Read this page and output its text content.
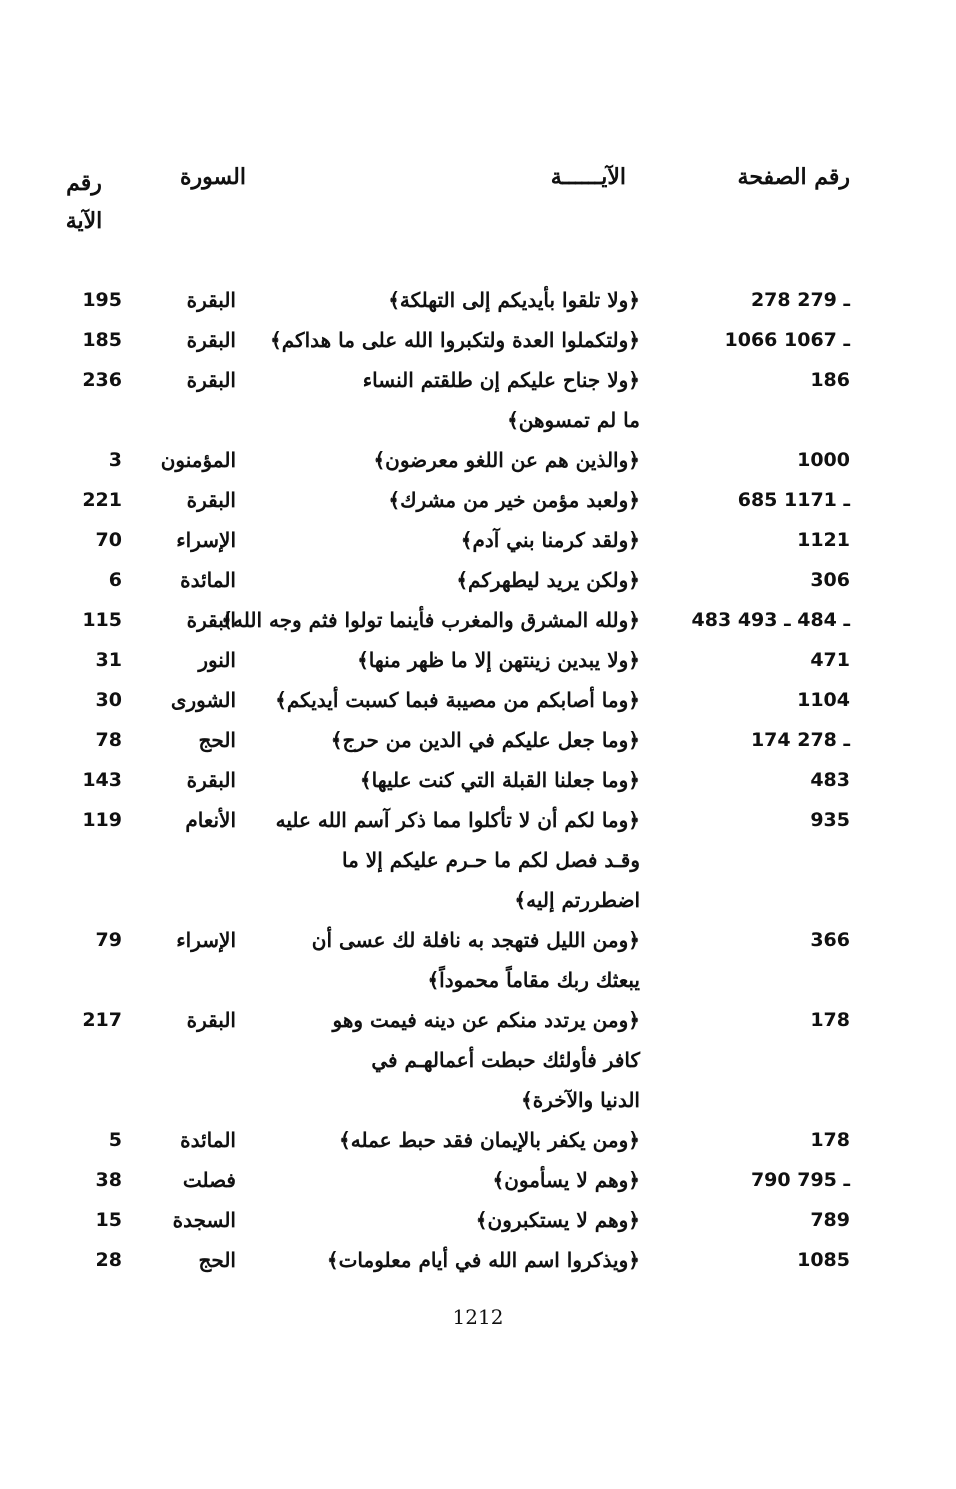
رقم الصفحة
الآيــــــة
السورة
رقم
الآية
278 ـ 279
﴿ولا تلقوا بأيديكم إلى التهلكة﴾
البقرة
195
1066 ـ 1067
﴿ولتكملوا العدة ولتكبروا الله على ما هداكم﴾
البقرة
185
186
﴿ولا جناح عليكم إن طلقتم النساء
ما لم تمسوهن﴾
البقرة
236
1000
﴿والذين هم عن اللغو معرضون﴾
المؤمنون
3
685 ـ 1171
﴿ولعبد مؤمن خير من مشرك﴾
البقرة
221
1121
﴿ولقد كرمنا بني آدم﴾
الإسراء
70
306
﴿ولكن يريد ليطهركم﴾
المائدة
6
483 ـ 484 ـ 493
﴿ولله المشرق والمغرب فأينما تولوا فثم وجه الله﴾
البقرة
115
471
﴿ولا يبدين زينتهن إلا ما ظهر منها﴾
النور
31
1104
﴿وما أصابكم من مصيبة فبما كسبت أيديكم﴾
الشورى
30
174 ـ 278
﴿وما جعل عليكم في الدين من حرج﴾
الحج
78
483
﴿وما جعلنا القبلة التي كنت عليها﴾
البقرة
143
935
﴿وما لكم أن لا تأكلوا مما ذكر آسم الله عليه
وقـد فصل لكم ما حـرم عليكم إلا ما
اضطررتم إليه﴾
الأنعام
119
366
﴿ومن الليل فتهجد به نافلة لك عسى أن
يبعثك ربك مقاماً محموداً﴾
الإسراء
79
178
﴿ومن يرتدد منكم عن دينه فيمت وهو
كافر فأولئك حبطت أعمالهـم في
الدنيا والآخرة﴾
البقرة
217
178
﴿ومن يكفر بالإيمان فقد حبط عمله﴾
المائدة
5
790 ـ 795
﴿وهم لا يسأمون﴾
فصلت
38
789
﴿وهم لا يستكبرون﴾
السجدة
15
1085
﴿ويذكروا اسم الله في أيام معلومات﴾
الحج
28
1212
